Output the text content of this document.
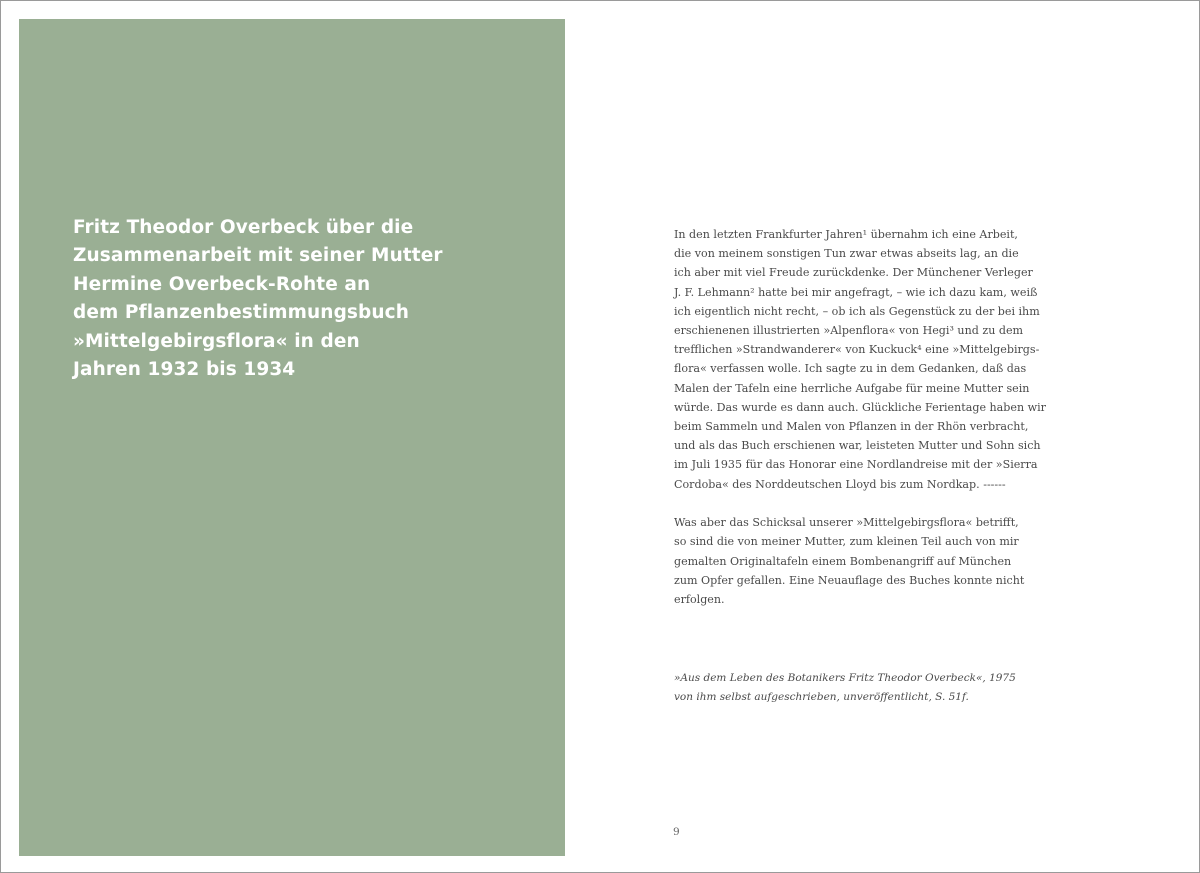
Fritz Theodor Overbeck über die
Zusammenarbeit mit seiner Mutter
Hermine Overbeck-Rohte an
dem Pflanzenbestimmungsbuch
»Mittelgebirgsflora« in den
Jahren 1932 bis 1934

In den letzten Frankfurter Jahren¹ übernahm ich eine Arbeit,
die von meinem sonstigen Tun zwar etwas abseits lag, an die
ich aber mit viel Freude zurückdenke. Der Münchener Verleger
J. F. Lehmann² hatte bei mir angefragt, – wie ich dazu kam, weiß
ich eigentlich nicht recht, – ob ich als Gegenstück zu der bei ihm
erschienenen illustrierten »Alpenflora« von Hegi³ und zu dem
trefflichen »Strandwanderer« von Kuckuck⁴ eine »Mittelgebirgs-
flora« verfassen wolle. Ich sagte zu in dem Gedanken, daß das
Malen der Tafeln eine herrliche Aufgabe für meine Mutter sein
würde. Das wurde es dann auch. Glückliche Ferientage haben wir
beim Sammeln und Malen von Pflanzen in der Rhön verbracht,
und als das Buch erschienen war, leisteten Mutter und Sohn sich
im Juli 1935 für das Honorar eine Nordlandreise mit der »Sierra
Cordoba« des Norddeutschen Lloyd bis zum Nordkap. ------

Was aber das Schicksal unserer »Mittelgebirgsflora« betrifft,
so sind die von meiner Mutter, zum kleinen Teil auch von mir
gemalten Originaltafeln einem Bombenangriff auf München
zum Opfer gefallen. Eine Neuauflage des Buches konnte nicht
erfolgen.

»Aus dem Leben des Botanikers Fritz Theodor Overbeck«, 1975
von ihm selbst aufgeschrieben, unveröffentlicht, S. 51f.

9
